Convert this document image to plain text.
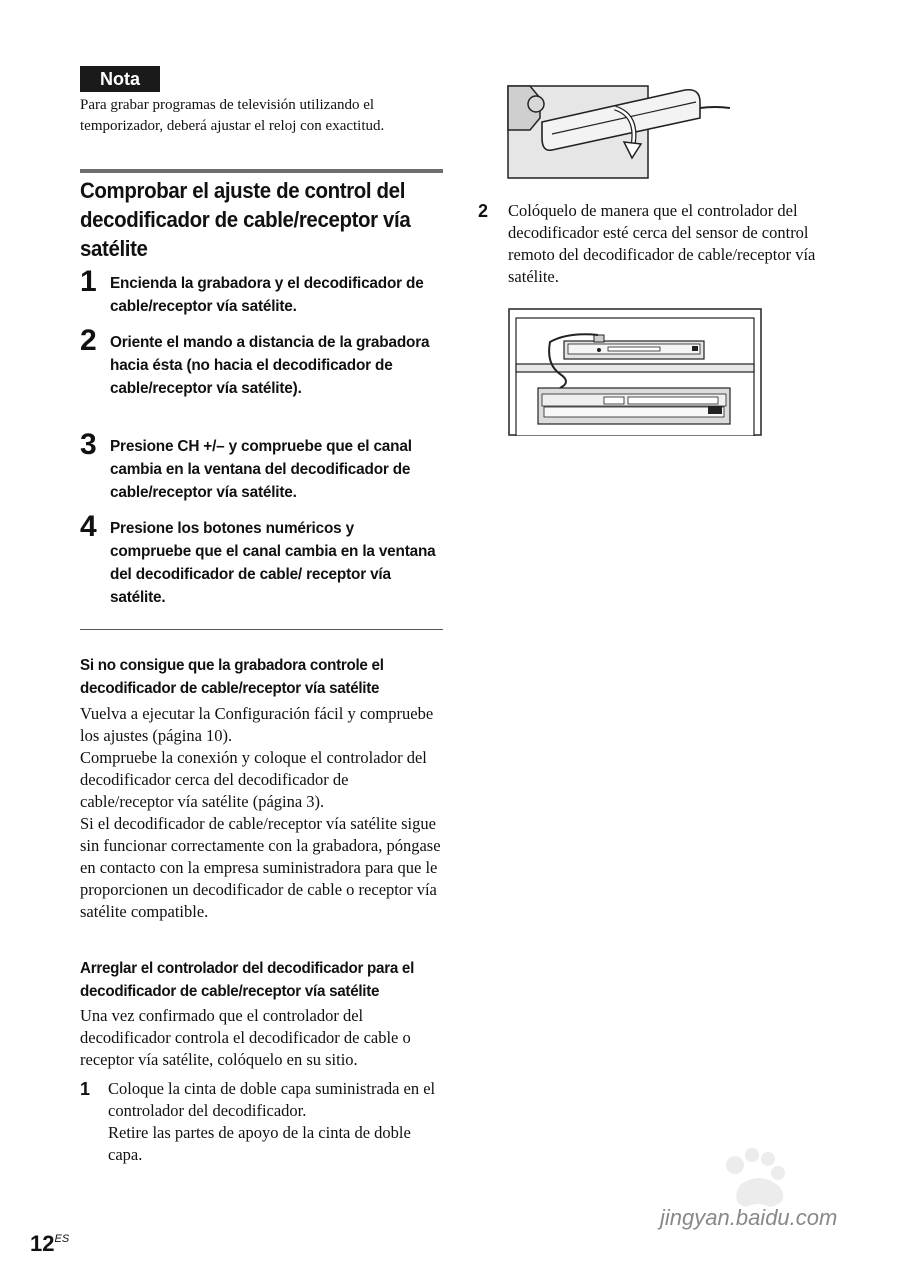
Nota
Para grabar programas de televisión utilizando el temporizador, deberá ajustar el reloj con exactitud.
Comprobar el ajuste de control del decodificador de cable/receptor vía satélite
1 Encienda la grabadora y el decodificador de cable/receptor vía satélite.
2 Oriente el mando a distancia de la grabadora hacia ésta (no hacia el decodificador de cable/receptor vía satélite).
3 Presione CH +/– y compruebe que el canal cambia en la ventana del decodificador de cable/receptor vía satélite.
4 Presione los botones numéricos y compruebe que el canal cambia en la ventana del decodificador de cable/ receptor vía satélite.
Si no consigue que la grabadora controle el decodificador de cable/receptor vía satélite

Vuelva a ejecutar la Configuración fácil y compruebe los ajustes (página 10).

Compruebe la conexión y coloque el controlador del decodificador cerca del decodificador de cable/receptor vía satélite (página 3).

Si el decodificador de cable/receptor vía satélite sigue sin funcionar correctamente con la grabadora, póngase en contacto con la empresa suministradora para que le proporcionen un decodificador de cable o receptor vía satélite compatible.

Arreglar el controlador del decodificador para el decodificador de cable/receptor vía satélite
Una vez confirmado que el controlador del decodificador controla el decodificador de cable o receptor vía satélite, colóquelo en su sitio.
1 Coloque la cinta de doble capa suministrada en el controlador del decodificador.
Retire las partes de apoyo de la cinta de doble capa.
2 Colóquelo de manera que el controlador del decodificador esté cerca del sensor de control remoto del decodificador de cable/receptor vía satélite.
jingyan.baidu.com
$12^{ES}$
